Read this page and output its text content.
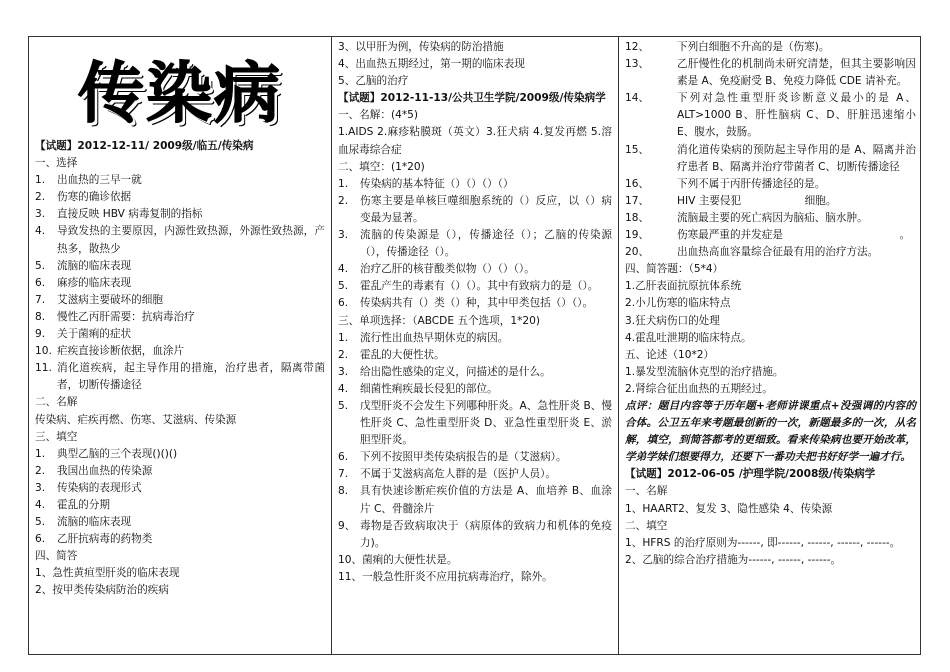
传染病
【试题】2012-12-11/ 2009级/临五/传染病
一、选择
1.	出血热的三早一就
2.	伤寒的确诊依据
3.	直接反映 HBV 病毒复制的指标
4.	导致发热的主要原因，内源性致热源，外源性致热源，产热多，散热少
5.	流脑的临床表现
6.	麻疹的临床表现
7.	艾滋病主要破坏的细胞
8.	慢性乙丙肝需要：抗病毒治疗
9.	关于菌痢的症状
10. 疟疾直接诊断依据，血涂片
11. 消化道疾病，起主导作用的措施，治疗患者，隔离带菌者，切断传播途径
二、名解
传染病、疟疾再燃、伤寒、艾滋病、传染源
三、填空
1.	典型乙脑的三个表现()()()
2.	我国出血热的传染源
3.	传染病的表现形式
4.	霍乱的分期
5.	流脑的临床表现
6.	乙肝抗病毒的药物类
四、简答
1、急性黄疸型肝炎的临床表现
2、按甲类传染病防治的疾病
3、以甲肝为例，传染病的防治措施
4、出血热五期经过，第一期的临床表现
5、乙脑的治疗
【试题】2012-11-13/公共卫生学院/2009级/传染病学
一、名解：(4*5)
1.AIDS 2.麻疹粘膜斑（英文）3.狂犬病 4.复发再燃 5.溶血尿毒综合症
二、填空：(1*20)
1.	传染病的基本特征（）（）（）（）
2.	伤寒主要是单核巨噬细胞系统的（）反应，以（）病变最为显著。
3.	流脑的传染源是（），传播途径（）；乙脑的传染源（），传播途径（）。
4.	治疗乙肝的核苷酸类似物（）（）（）。
5.	霍乱产生的毒素有（）（）。其中有致病力的是（）。
6.	传染病共有（）类（）种，其中甲类包括（）（）。
三、单项选择：（ABCDE 五个选项，1*20)
1.	流行性出血热早期休克的病因。
2.	霍乱的大便性状。
3.	给出隐性感染的定义，问描述的是什么。
4.	细菌性痢疾最长侵犯的部位。
5.	戊型肝炎不会发生下列哪种肝炎。A、急性肝炎 B、慢性肝炎 C、急性重型肝炎 D、亚急性重型肝炎 E、淤胆型肝炎。
6.	下列不按照甲类传染病报告的是（艾滋病）。
7.	不属于艾滋病高危人群的是（医护人员）。
8.	具有快速诊断疟疾价值的方法是 A、血培养 B、血涂片 C、骨髓涂片
9、 毒物是否致病取决于（病原体的致病力和机体的免疫力)。
10、 菌痢的大便性状是。
11、 一般急性肝炎不应用抗病毒治疗，除外。
12、	下列白细胞不升高的是（伤寒)。
13、	乙肝慢性化的机制尚未研究清楚，但其主要影响因素是 A、免疫耐受 B、免疫力降低 CDE 请补充。
14、	下列对急性重型肝炎诊断意义最小的是 A、ALT>1000 B、肝性脑病 C、D、肝脏迅速缩小 E、腹水，鼓肠。
15、	消化道传染病的预防起主导作用的是 A、隔离并治疗患者 B、隔离并治疗带菌者 C、切断传播途径
16、	下列不属于丙肝传播途径的是。
17、	HIV 主要侵犯　　　　　　细胞。
18、	流脑最主要的死亡病因为脑疝、脑水肿。
19、	伤寒最严重的并发症是　　　　　　　　　　　。
20、	出血热高血容量综合征最有用的治疗方法。
四、简答题：（5*4）
1.乙肝表面抗原抗体系统
2.小儿伤寒的临床特点
3.狂犬病伤口的处理
4.霍乱吐泄期的临床特点。
五、论述（10*2）
1.暴发型流脑休克型的治疗措施。
2.肾综合征出血热的五期经过。
点评：题目内容等于历年题+老师讲课重点+没强调的内容的合体。公卫五年来考题最创新的一次，新题最多的一次，从名解，填空，到简答都考的更细致。看来传染病也要开始改革，学弟学妹们想要得力，还要下一番功夫把书好好学一遍才行。
【试题】2012-06-05 /护理学院/2008级/传染病学
一、名解
1、HAART2、复发 3、隐性感染 4、传染源
二、填空
1、HFRS 的治疗原则为------, 即------, ------, ------, ------。
2、乙脑的综合治疗措施为------, ------, ------。
